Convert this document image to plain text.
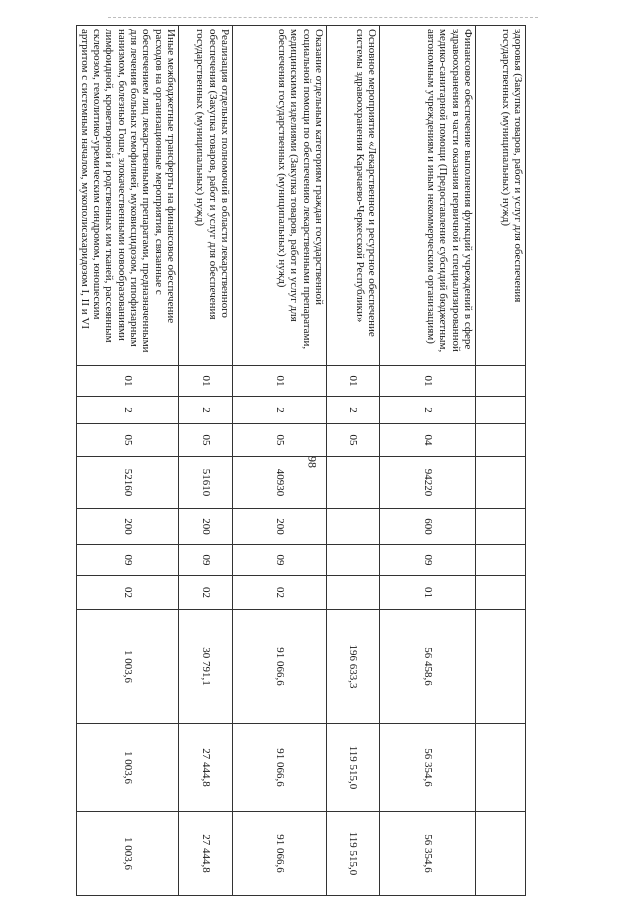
98
здоровья (Закупка товаров, работ и услуг для обеспечения государственных (муниципальных) нужд)										
Финансовое обеспечение выполнения функций учреждений в сфере здравоохранения в части оказания первичной и специализированной медико-санитарной помощи (Предоставление субсидий бюджетным, автономным учреждениям и иным некоммерческим организациям)	01	2	04	94220	600	09	01	56 458,6	56 354,6	56 354,6
Основное мероприятие «Лекарственное и ресурсное обеспечение системы здравоохранения Карачаево-Черкесской Республики»	01	2	05					196 633,3	119 515,0	119 515,0
Оказание отдельным категориям граждан государственной социальной помощи по обеспечению лекарственными препаратами, медицинскими изделиями (Закупка товаров, работ и услуг для обеспечения государственных (муниципальных) нужд)	01	2	05	40930	200	09	02	91 066,6	91 066,6	91 066,6
Реализация отдельных полномочий в области лекарственного обеспечения (Закупка товаров, работ и услуг для обеспечения государственных (муниципальных) нужд)	01	2	05	51610	200	09	02	30 791,1	27 444,8	27 444,8
Иные межбюджетные трансферты на финансовое обеспечение расходов на организационные мероприятия, связанные с обеспечением лиц лекарственными препаратами, предназначенными для лечения больных гемофилией, муковисцидозом, гипофизарным нанизмом, болезнью Гоше, злокачественными новообразованиями лимфоидной, кроветворной и родственных им тканей, рассеянным склерозом, гемолитико-уремическим синдромом, юношеским артритом с системным началом, мукополисахаридозом I, II и VI	01	2	05	52160	200	09	02	1 003,6	1 003,6	1 003,6
